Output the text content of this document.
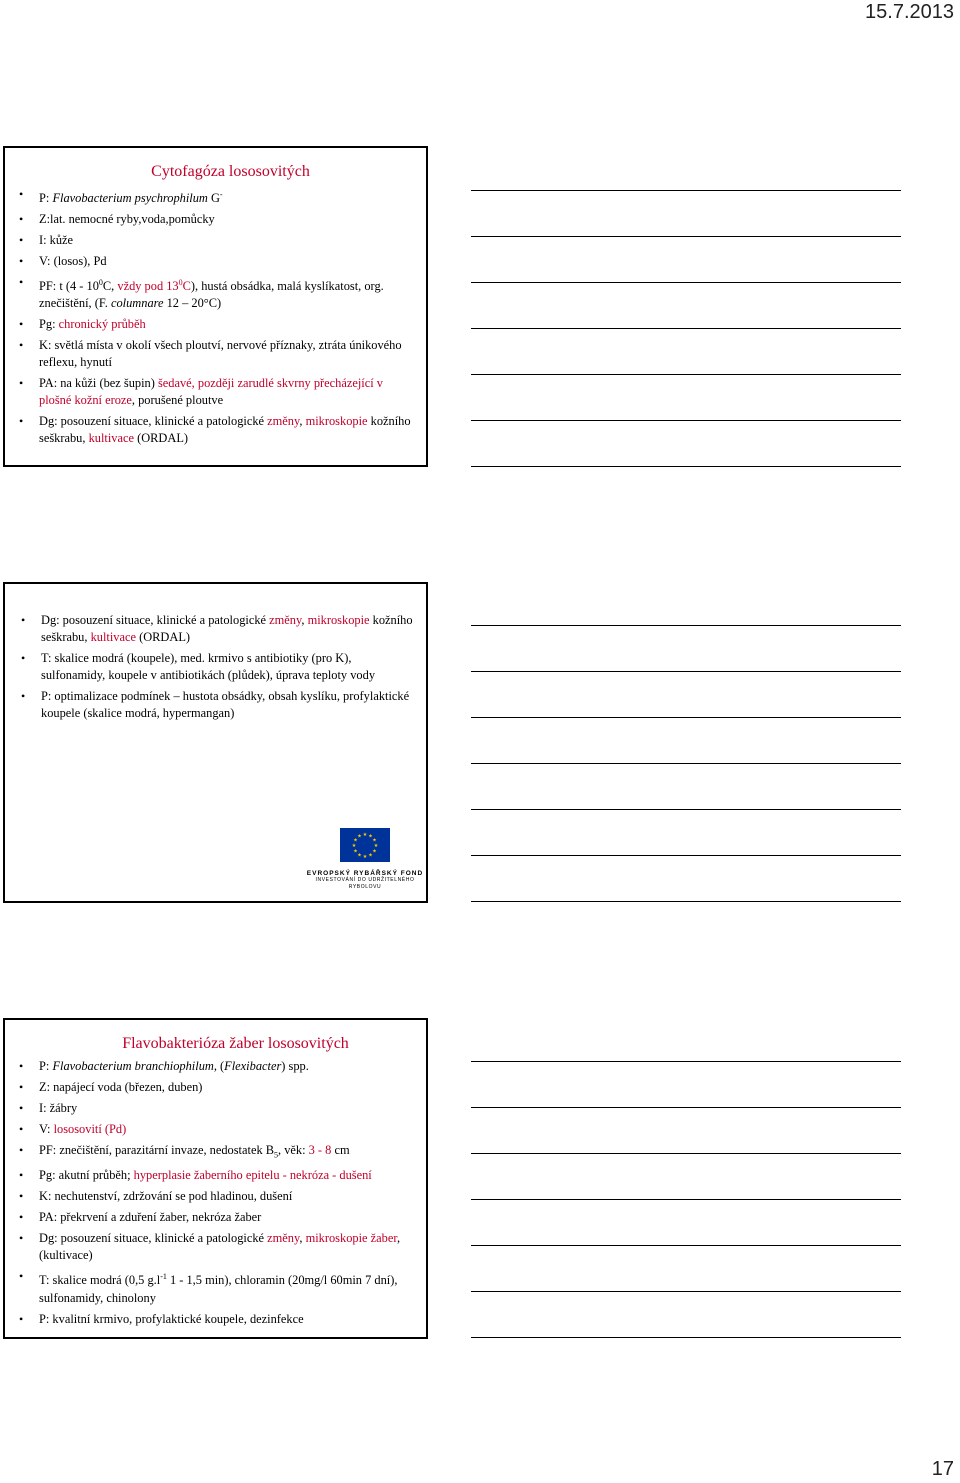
15.7.2013
Cytofagóza lososovitých
• P: Flavobacterium psychrophilum G-
• Z:lat. nemocné ryby,voda,pomůcky
• I: kůže
• V: (losos), Pd
• PF: t ($4 - 10^0C$, vždy pod $13^0C$), hustá obsádka, malá kyslíkatost, org. znečištění, (F. columnare 12 – 20°C)
• Pg: chronický průběh
• K: světlá místa v okolí všech ploutví, nervové příznaky, ztráta únikového reflexu, hynutí
• PA: na kůži (bez šupin) šedavé, později zarudlé skvrny přecházející v plošné kožní eroze, porušené ploutve
• Dg: posouzení situace, klinické a patologické změny, mikroskopie kožního seškrabu, kultivace (ORDAL)
• Dg: posouzení situace, klinické a patologické změny, mikroskopie kožního seškrabu, kultivace (ORDAL)
• T: skalice modrá (koupele), med. krmivo s antibiotiky (pro K), sulfonamidy, koupele v antibiotikách (plůdek), úprava teploty vody
• P: optimalizace podmínek – hustota obsádky, obsah kyslíku, profylaktické koupele (skalice modrá, hypermangan)
★ ★
★
★
★
★
★
★
★
★
★
★
EVROPSKÝ RYBÁŘSKÝ FOND
INVESTOVÁNÍ DO UDRŽITELNÉHO
RYBOLOVU
Flavobakterióza žaber lososovitých
• P: Flavobacterium branchiophilum, (Flexibacter) spp.
• Z: napájecí voda (březen, duben)
• I: žábry
• V: lososovití (Pd)
• PF: znečištění, parazitární invaze, nedostatek $B_5$, věk: 3 - 8 cm
• Pg: akutní průběh; hyperplasie žaberního epitelu - nekróza - dušení
• K: nechutenství, zdržování se pod hladinou, dušení
• PA: překrvení a zduření žaber, nekróza žaber
• Dg: posouzení situace, klinické a patologické změny, mikroskopie žaber, (kultivace)
• T: skalice modrá (0,5 $g.l^{-1}$ 1 - 1,5 min), chloramin (20mg/l 60min 7 dní), sulfonamidy, chinolony
• P: kvalitní krmivo, profylaktické koupele, dezinfekce
17
